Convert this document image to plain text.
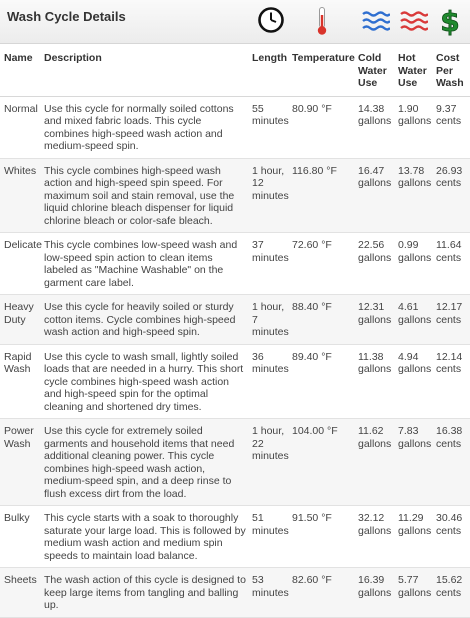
Wash Cycle Details	$
Name	Description	Length	Temperature	Cold Water Use	Hot Water Use	Cost Per Wash
Normal	Use this cycle for normally soiled cottons and mixed fabric loads. This cycle combines high-speed wash action and medium-speed spin.	55 minutes	80.90 °F	14.38 gallons	1.90 gallons	9.37 cents
Whites	This cycle combines high-speed wash action and high-speed spin speed. For maximum soil and stain removal, use the liquid chlorine bleach dispenser for liquid chlorine bleach or color-safe bleach.	1 hour, 12 minutes	116.80 °F	16.47 gallons	13.78 gallons	26.93 cents
Delicate	This cycle combines low-speed wash and low-speed spin action to clean items labeled as "Machine Washable" on the garment care label.	37 minutes	72.60 °F	22.56 gallons	0.99 gallons	11.64 cents
Heavy Duty	Use this cycle for heavily soiled or sturdy cotton items. Cycle combines high-speed wash action and high-speed spin.	1 hour, 7 minutes	88.40 °F	12.31 gallons	4.61 gallons	12.17 cents
Rapid Wash	Use this cycle to wash small, lightly soiled loads that are needed in a hurry. This short cycle combines high-speed wash action and high-speed spin for the optimal cleaning and shortened dry times.	36 minutes	89.40 °F	11.38 gallons	4.94 gallons	12.14 cents
Power Wash	Use this cycle for extremely soiled garments and household items that need additional cleaning power. This cycle combines high-speed wash action, medium-speed spin, and a deep rinse to flush excess dirt from the load.	1 hour, 22 minutes	104.00 °F	11.62 gallons	7.83 gallons	16.38 cents
Bulky	This cycle starts with a soak to thoroughly saturate your large load. This is followed by medium wash action and medium spin speeds to maintain load balance.	51 minutes	91.50 °F	32.12 gallons	11.29 gallons	30.46 cents
Sheets	The wash action of this cycle is designed to keep large items from tangling and balling up.	53 minutes	82.60 °F	16.39 gallons	5.77 gallons	15.62 cents
